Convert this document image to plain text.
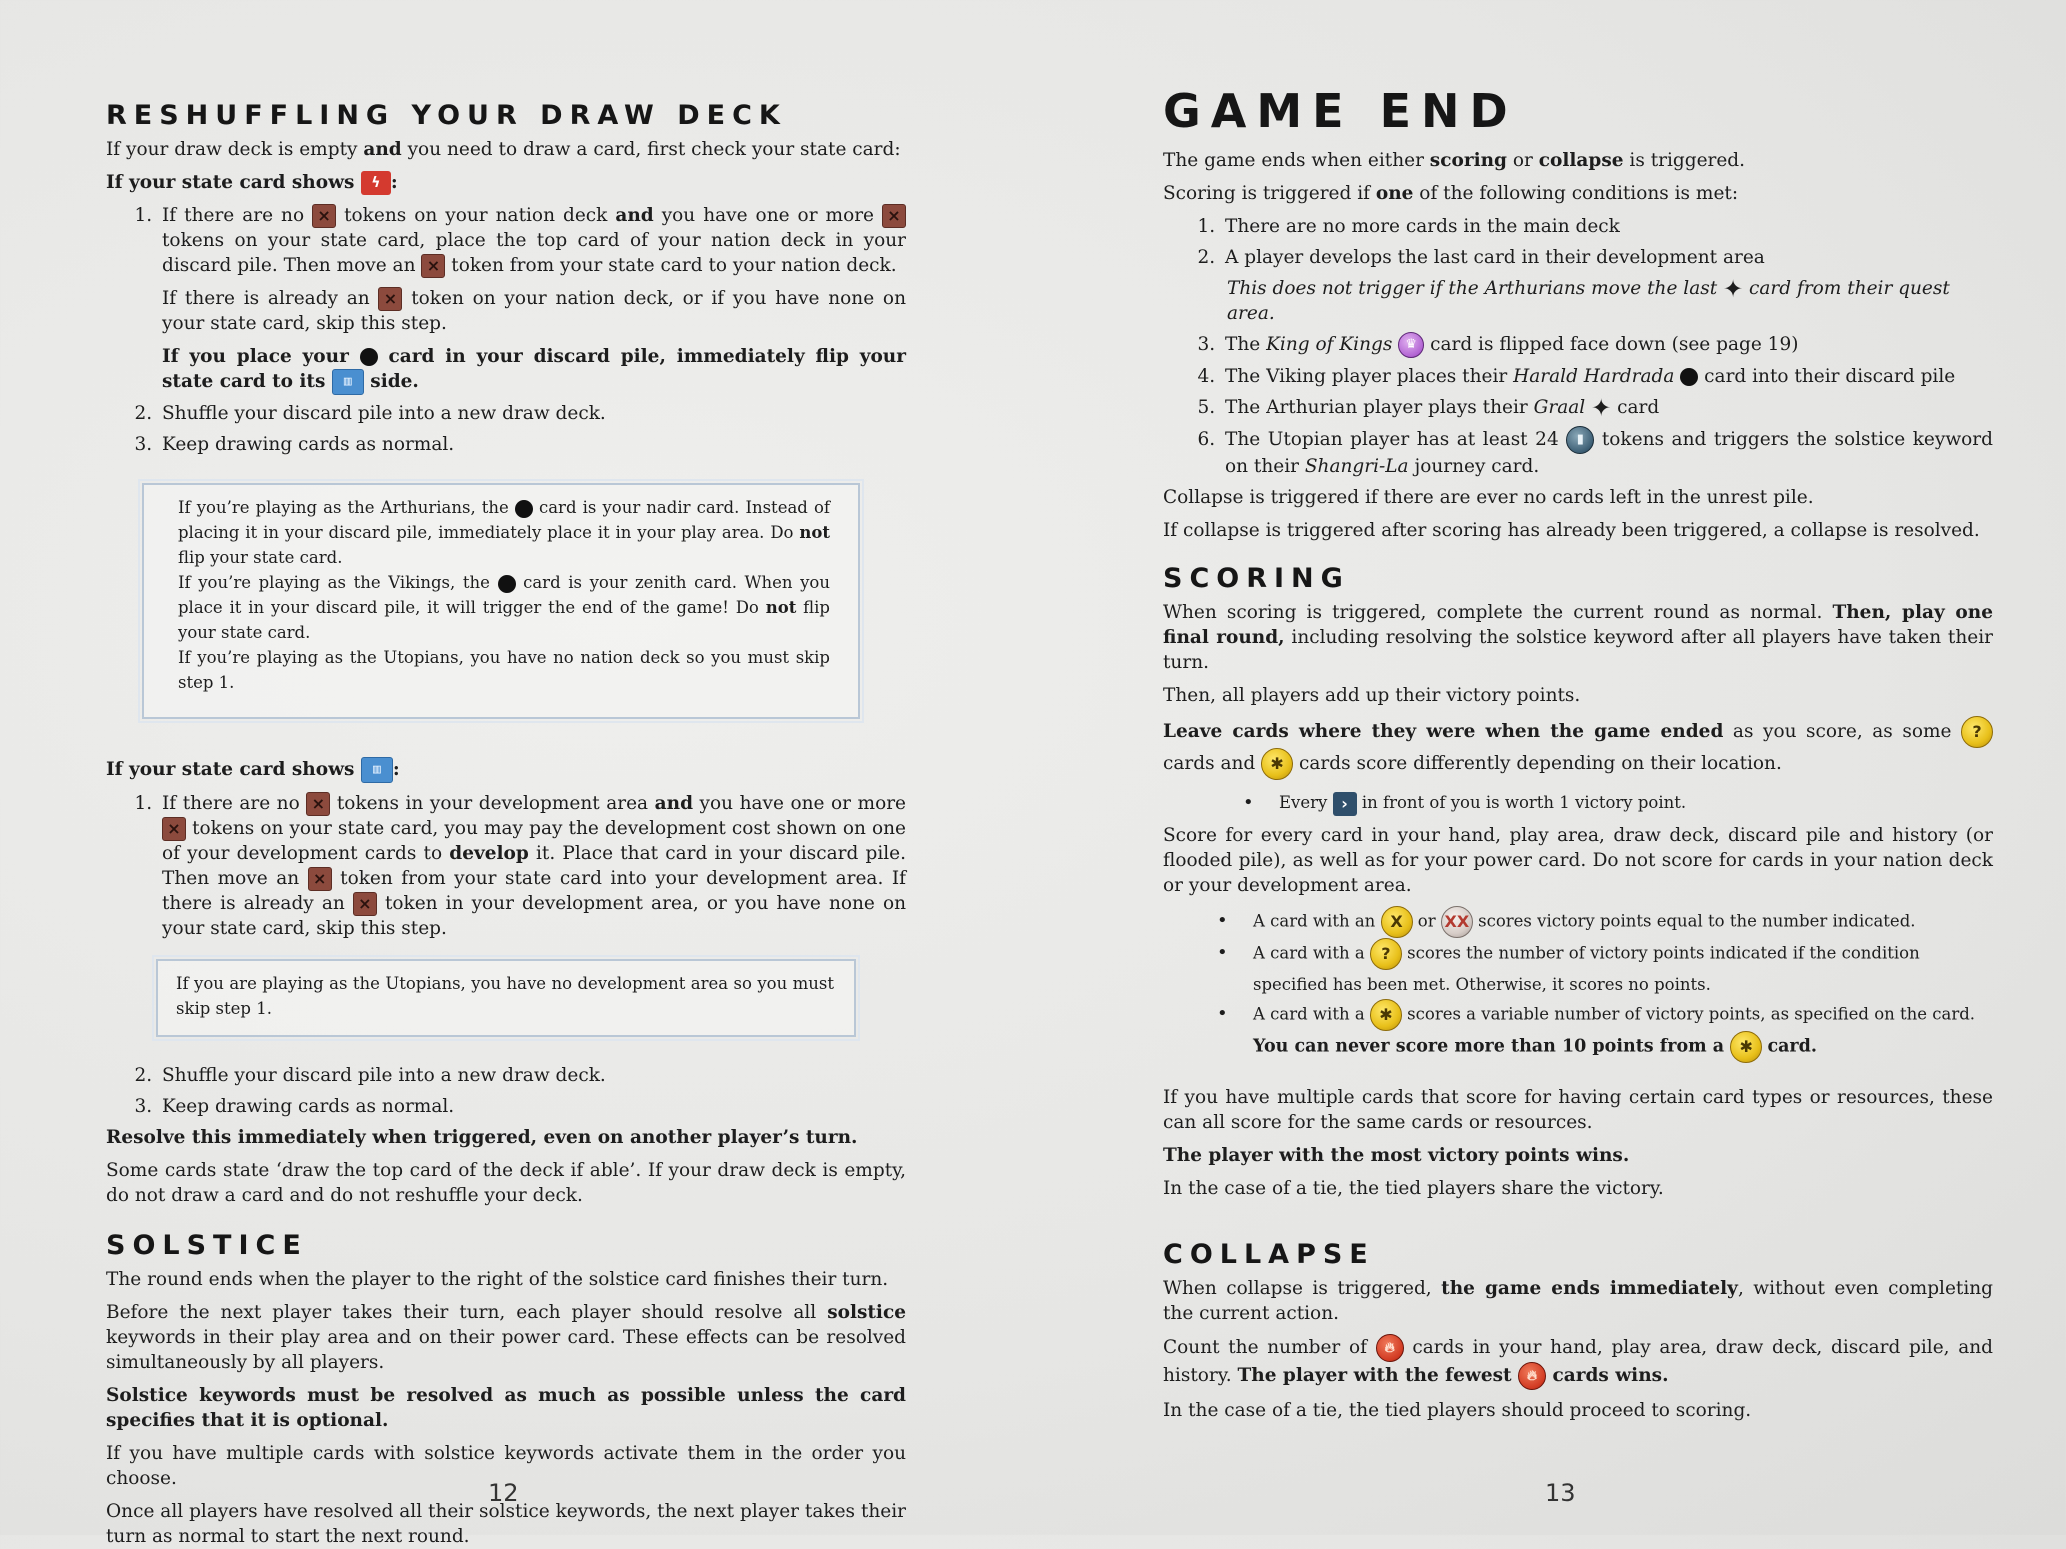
RESHUFFLING YOUR DRAW DECK

If your draw deck is empty and you need to draw a card, first check your state card:

If your state card shows ϟ :

1. If there are no × tokens on your nation deck and you have one or more × tokens on your state card, place the top card of your nation deck in your discard pile. Then move an × token from your state card to your nation deck.
If there is already an × token on your nation deck, or if you have none on your state card, skip this step.
If you place your  card in your discard pile, immediately flip your state card to its ▥ side.
2. Shuffle your discard pile into a new draw deck.
3. Keep drawing cards as normal.

If you’re playing as the Arthurians, the  card is your nadir card. Instead of placing it in your discard pile, immediately place it in your play area. Do not flip your state card.

If you’re playing as the Vikings, the  card is your zenith card. When you place it in your discard pile, it will trigger the end of the game! Do not flip your state card.

If you’re playing as the Utopians, you have no nation deck so you must skip step 1.

If your state card shows ▥ :

1. If there are no × tokens in your development area and you have one or more × tokens on your state card, you may pay the development cost shown on one of your development cards to develop it. Place that card in your discard pile. Then move an × token from your state card into your development area. If there is already an × token in your development area, or you have none on your state card, skip this step.

If you are playing as the Utopians, you have no development area so you must skip step 1.

2. Shuffle your discard pile into a new draw deck.
3. Keep drawing cards as normal.

Resolve this immediately when triggered, even on another player’s turn.

Some cards state ‘draw the top card of the deck if able’. If your draw deck is empty, do not draw a card and do not reshuffle your deck.

SOLSTICE

The round ends when the player to the right of the solstice card finishes their turn.

Before the next player takes their turn, each player should resolve all solstice keywords in their play area and on their power card. These effects can be resolved simultaneously by all players.

Solstice keywords must be resolved as much as possible unless the card specifies that it is optional.

If you have multiple cards with solstice keywords activate them in the order you choose.

Once all players have resolved all their solstice keywords, the next player takes their turn as normal to start the next round.

12
GAME END

The game ends when either scoring or collapse is triggered.

Scoring is triggered if one of the following conditions is met:

1. There are no more cards in the main deck
2. A player develops the last card in their development area
This does not trigger if the Arthurians move the last ✦ card from their quest area.
3. The King of Kings ♛ card is flipped face down (see page 19)
4. The Viking player places their Harald Hardrada  card into their discard pile
5. The Arthurian player plays their Graal ✦ card
6. The Utopian player has at least 24 ▮ tokens and triggers the solstice keyword on their Shangri-La journey card.

Collapse is triggered if there are ever no cards left in the unrest pile.

If collapse is triggered after scoring has already been triggered, a collapse is resolved.

SCORING

When scoring is triggered, complete the current round as normal. Then, play one final round, including resolving the solstice keyword after all players have taken their turn.

Then, all players add up their victory points.

Leave cards where they were when the game ended as you score, as some ? cards and ✱ cards score differently depending on their location.

• Every › in front of you is worth 1 victory point.

Score for every card in your hand, play area, draw deck, discard pile and history (or flooded pile), as well as for your power card. Do not score for cards in your nation deck or your development area.

• A card with an X or XX scores victory points equal to the number indicated.
• A card with a ? scores the number of victory points indicated if the condition specified has been met. Otherwise, it scores no points.
• A card with a ✱ scores a variable number of victory points, as specified on the card.
You can never score more than 10 points from a ✱ card.

If you have multiple cards that score for having certain card types or resources, these can all score for the same cards or resources.

The player with the most victory points wins.

In the case of a tie, the tied players share the victory.

COLLAPSE

When collapse is triggered, the game ends immediately, without even completing the current action.

Count the number of 🔥︎ cards in your hand, play area, draw deck, discard pile, and history. The player with the fewest 🔥︎ cards wins.

In the case of a tie, the tied players should proceed to scoring.

13
